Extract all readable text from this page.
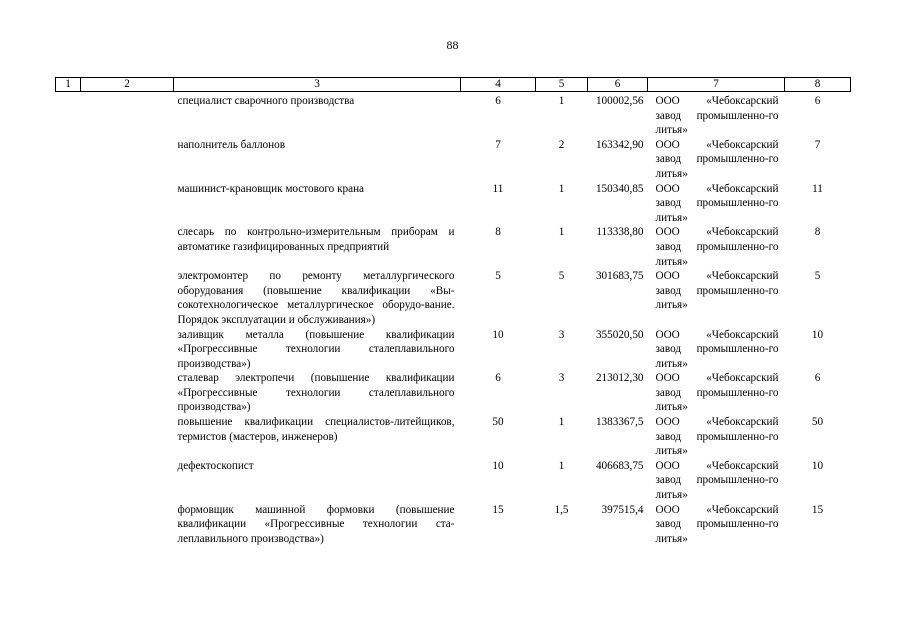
88
1	2	3	4	5	6	7	8
		специалист сварочного производства	6	1	100002,56	ООО «Чебоксарский завод промышленно-го литья»	6
		наполнитель баллонов	7	2	163342,90	ООО «Чебоксарский завод промышленно-го литья»	7
		машинист-крановщик мостового крана	11	1	150340,85	ООО «Чебоксарский завод промышленно-го литья»	11
		слесарь по контрольно-измерительным приборам и автоматике газифицированных предприятий	8	1	113338,80	ООО «Чебоксарский завод промышленно-го литья»	8
		электромонтер по ремонту металлургического оборудования (повышение квалификации «Вы-сокотехнологическое металлургическое оборудо-вание. Порядок эксплуатации и обслуживания»)	5	5	301683,75	ООО «Чебоксарский завод промышленно-го литья»	5
		заливщик металла (повышение квалификации «Прогрессивные технологии сталеплавильного производства»)	10	3	355020,50	ООО «Чебоксарский завод промышленно-го литья»	10
		сталевар электропечи (повышение квалификации «Прогрессивные технологии сталеплавильного производства»)	6	3	213012,30	ООО «Чебоксарский завод промышленно-го литья»	6
		повышение квалификации специалистов-литейщиков, термистов (мастеров, инженеров)	50	1	1383367,5	ООО «Чебоксарский завод промышленно-го литья»	50
		дефектоскопист	10	1	406683,75	ООО «Чебоксарский завод промышленно-го литья»	10
		формовщик машинной формовки (повышение квалификации «Прогрессивные технологии ста-леплавильного производства»)	15	1,5	397515,4	ООО «Чебоксарский завод промышленно-го литья»	15
